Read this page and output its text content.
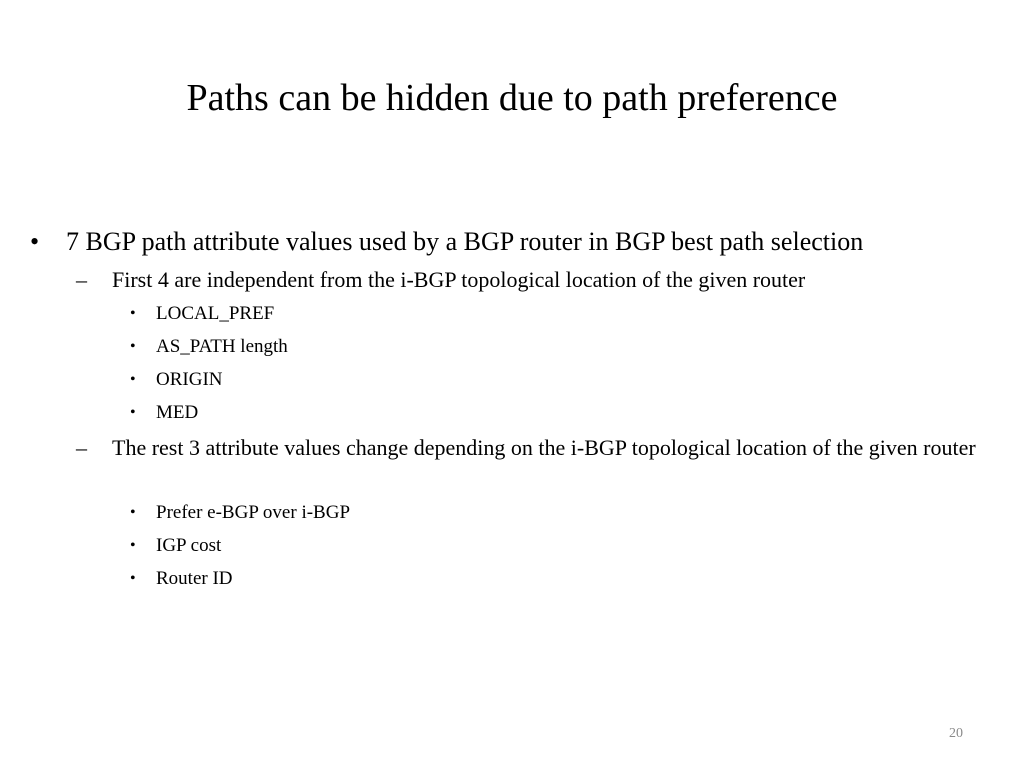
Paths can be hidden due to path preference
• 7 BGP path attribute values used by a BGP router in BGP best path selection
– First 4 are independent from the i-BGP topological location of the given router
• LOCAL_PREF
• AS_PATH length
• ORIGIN
• MED
– The rest 3 attribute values change depending on the i-BGP topological location of the given router
• Prefer e-BGP over i-BGP
• IGP cost
• Router ID
20
